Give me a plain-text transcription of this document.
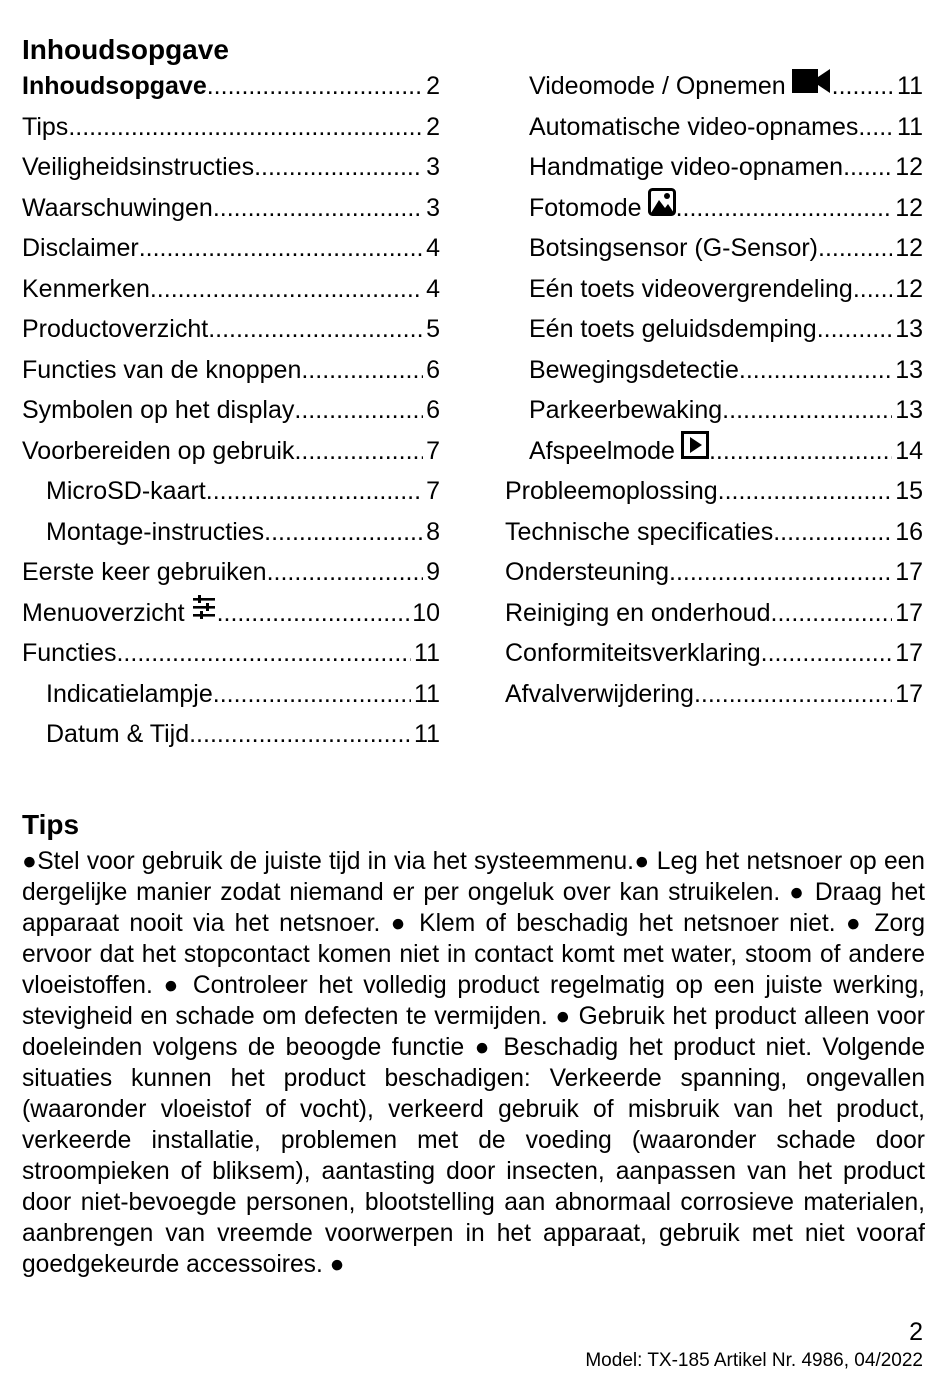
Inhoudsopgave
Inhoudsopgave .....	2
Tips .....	2
Veiligheidsinstructies .....	3
Waarschuwingen .....	3
Disclaimer .....	4
Kenmerken .....	4
Productoverzicht .....	5
Functies van de knoppen .....	6
Symbolen op het display .....	6
Voorbereiden op gebruik .....	7
MicroSD-kaart .....	7
Montage-instructies .....	8
Eerste keer gebruiken .....	9
Menuoverzicht .....	10
Functies .....	11
Indicatielampje .....	11
Datum & Tijd .....	11
Videomode / Opnemen .....	11
Automatische video-opnames ..... 11
Handmatige video-opnamen ..... 12
Fotomode .....	12
Botsingsensor (G-Sensor) .....	12
Eén toets videovergrendeling ..... 12
Eén toets geluidsdemping .....	13
Bewegingsdetectie .....	13
Parkeerbewaking .....	13
Afspeelmode .....	14
Probleemoplossing .....	15
Technische specificaties .....	16
Ondersteuning .....	17
Reiniging en onderhoud .....	17
Conformiteitsverklaring .....	17
Afvalverwijdering .....	17
Tips

●Stel voor gebruik de juiste tijd in via het systeemmenu.● Leg het netsnoer op een dergelijke manier zodat niemand er per ongeluk over kan struikelen. ● Draag het apparaat nooit via het netsnoer. ● Klem of beschadig het netsnoer niet. ● Zorg ervoor dat het stopcontact komen niet in contact komt met water, stoom of andere vloeistoffen. ● Controleer het volledig product regelmatig op een juiste werking, stevigheid en schade om defecten te vermijden. ● Gebruik het product alleen voor doeleinden volgens de beoogde functie ● Beschadig het product niet. Volgende situaties kunnen het product beschadigen: Verkeerde spanning, ongevallen (waaronder vloeistof of vocht), verkeerd gebruik of misbruik van het product, verkeerde installatie, problemen met de voeding (waaronder schade door stroompieken of bliksem), aantasting door insecten, aanpassen van het product door niet-bevoegde personen, blootstelling aan abnormaal corrosieve materialen, aanbrengen van vreemde voorwerpen in het apparaat, gebruik met niet vooraf goedgekeurde accessoires. ●

2
Model: TX-185 Artikel Nr. 4986, 04/2022
